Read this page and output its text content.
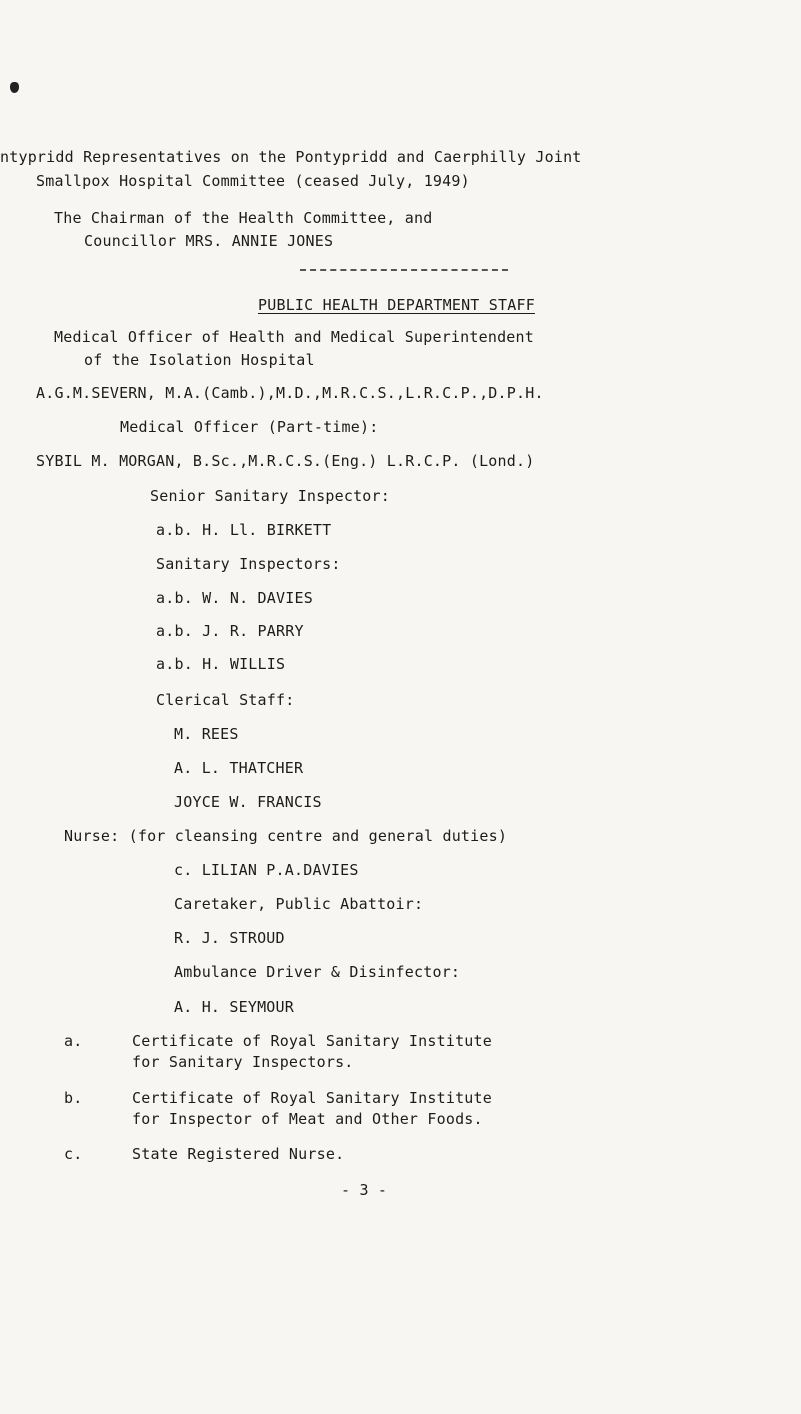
ntypridd Representatives on the Pontypridd and Caerphilly Joint
Smallpox Hospital Committee (ceased July, 1949)
The Chairman of the Health Committee, and
Councillor MRS. ANNIE JONES
PUBLIC HEALTH DEPARTMENT STAFF
Medical Officer of Health and Medical Superintendent
of the Isolation Hospital
A.G.M.SEVERN, M.A.(Camb.),M.D.,M.R.C.S.,L.R.C.P.,D.P.H.
Medical Officer (Part-time):
SYBIL M. MORGAN, B.Sc.,M.R.C.S.(Eng.) L.R.C.P. (Lond.)
Senior Sanitary Inspector:
a.b. H. Ll. BIRKETT
Sanitary Inspectors:
a.b. W. N. DAVIES
a.b. J. R. PARRY
a.b. H. WILLIS
Clerical Staff:
M. REES
A. L. THATCHER
JOYCE W. FRANCIS
Nurse: (for cleansing centre and general duties)
c. LILIAN P.A.DAVIES
Caretaker, Public Abattoir:
R. J. STROUD
Ambulance Driver & Disinfector:
A. H. SEYMOUR
a.	Certificate of Royal Sanitary Institute
for Sanitary Inspectors.
b.	Certificate of Royal Sanitary Institute
for Inspector of Meat and Other Foods.
c.	State Registered Nurse.
- 3 -
